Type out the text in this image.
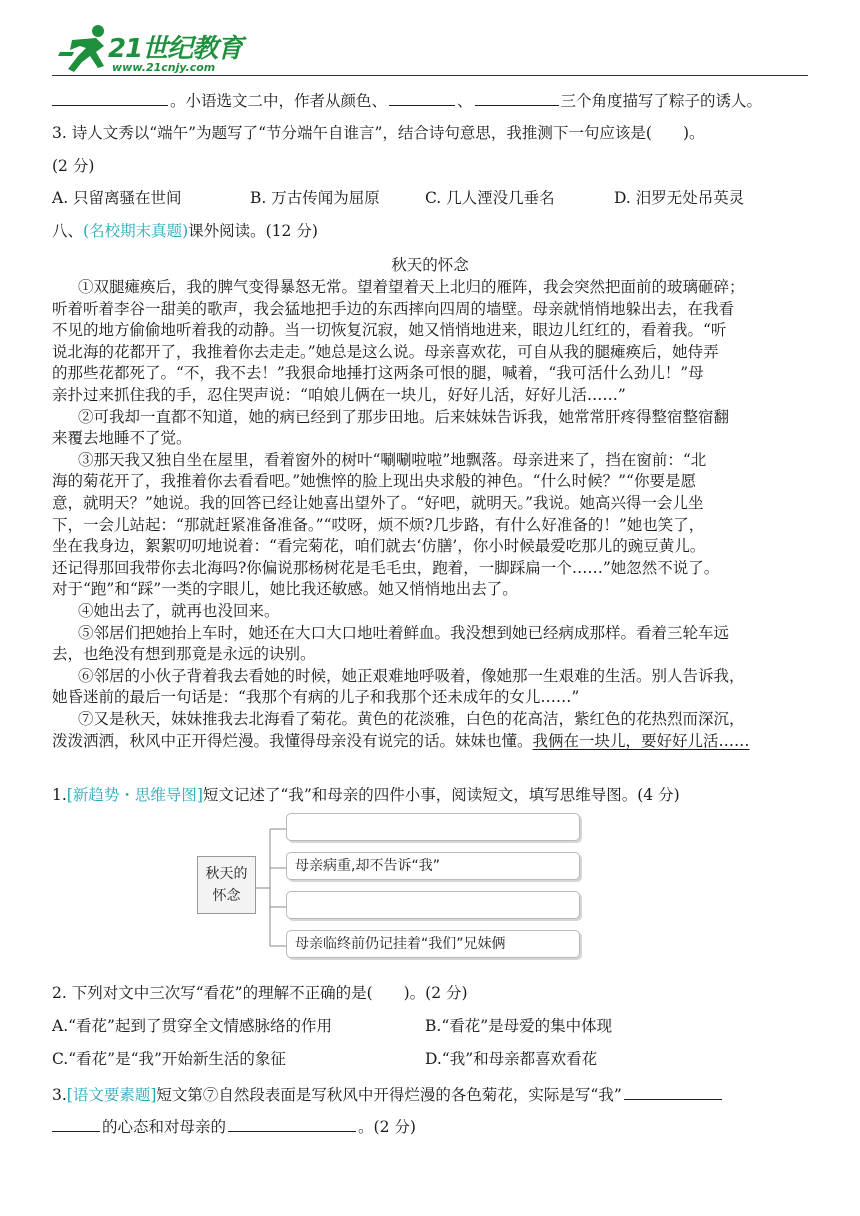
21世纪教育
www.21cnjy.com
。小语选文二中，作者从颜色、	、	三个角度描写了粽子的诱人。
3. 诗人文秀以“端午”为题写了“节分端午自谁言”，结合诗句意思，我推测下一句应该是(　　)。
(2 分)
A. 只留离骚在世间	B. 万古传闻为屈原	C. 几人湮没几垂名	D. 汨罗无处吊英灵
八、(名校期末真题)课外阅读。(12 分)
秋天的怀念
①双腿瘫痪后，我的脾气变得暴怒无常。望着望着天上北归的雁阵，我会突然把面前的玻璃砸碎；
听着听着李谷一甜美的歌声，我会猛地把手边的东西摔向四周的墙壁。母亲就悄悄地躲出去，在我看
不见的地方偷偷地听着我的动静。当一切恢复沉寂，她又悄悄地进来，眼边儿红红的，看着我。“听
说北海的花都开了，我推着你去走走。”她总是这么说。母亲喜欢花，可自从我的腿瘫痪后，她侍弄
的那些花都死了。“不，我不去！”我狠命地捶打这两条可恨的腿，喊着，“我可活什么劲儿！”母
亲扑过来抓住我的手，忍住哭声说：“咱娘儿俩在一块儿，好好儿活，好好儿活……”
②可我却一直都不知道，她的病已经到了那步田地。后来妹妹告诉我，她常常肝疼得整宿整宿翻
来覆去地睡不了觉。
③那天我又独自坐在屋里，看着窗外的树叶“唰唰啦啦”地飘落。母亲进来了，挡在窗前：“北
海的菊花开了，我推着你去看看吧。”她憔悴的脸上现出央求般的神色。“什么时候？”“你要是愿
意，就明天？”她说。我的回答已经让她喜出望外了。“好吧，就明天。”我说。她高兴得一会儿坐
下，一会儿站起：“那就赶紧准备准备。”“哎呀，烦不烦?几步路，有什么好准备的！”她也笑了，
坐在我身边，絮絮叨叨地说着：“看完菊花，咱们就去‘仿膳’，你小时候最爱吃那儿的豌豆黄儿。
还记得那回我带你去北海吗?你偏说那杨树花是毛毛虫，跑着，一脚踩扁一个……”她忽然不说了。
对于“跑”和“踩”一类的字眼儿，她比我还敏感。她又悄悄地出去了。
④她出去了，就再也没回来。
⑤邻居们把她抬上车时，她还在大口大口地吐着鲜血。我没想到她已经病成那样。看着三轮车远
去，也绝没有想到那竟是永远的诀别。
⑥邻居的小伙子背着我去看她的时候，她正艰难地呼吸着，像她那一生艰难的生活。别人告诉我，
她昏迷前的最后一句话是：“我那个有病的儿子和我那个还未成年的女儿……”
⑦又是秋天，妹妹推我去北海看了菊花。黄色的花淡雅，白色的花高洁，紫红色的花热烈而深沉，
泼泼洒洒，秋风中正开得烂漫。我懂得母亲没有说完的话。妹妹也懂。我俩在一块儿，要好好儿活……
1.[新趋势・思维导图]短文记述了“我”和母亲的四件小事，阅读短文，填写思维导图。(4 分)
秋天的
怀念
母亲病重,却不告诉“我”
母亲临终前仍记挂着“我们”兄妹俩
2. 下列对文中三次写“看花”的理解不正确的是(　　)。(2 分)
A.“看花”起到了贯穿全文情感脉络的作用	B.“看花”是母爱的集中体现
C.“看花”是“我”开始新生活的象征	D.“我”和母亲都喜欢看花
3.[语文要素题]短文第⑦自然段表面是写秋风中开得烂漫的各色菊花，实际是写“我”
的心态和对母亲的	。(2 分)
